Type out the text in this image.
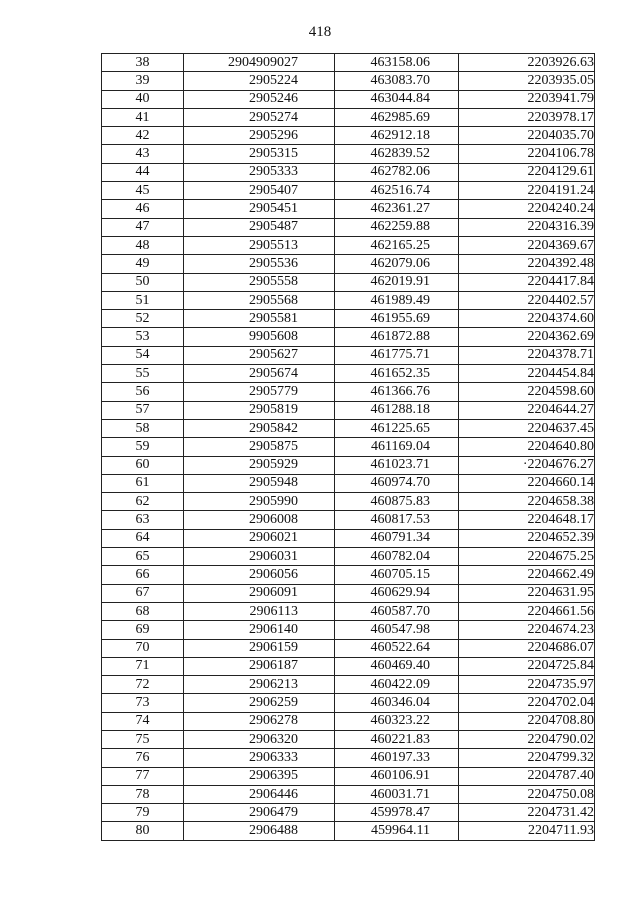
418
38	2904909027	463158.06	2203926.63
39	2905224	463083.70	2203935.05
40	2905246	463044.84	2203941.79
41	2905274	462985.69	2203978.17
42	2905296	462912.18	2204035.70
43	2905315	462839.52	2204106.78
44	2905333	462782.06	2204129.61
45	2905407	462516.74	2204191.24
46	2905451	462361.27	2204240.24
47	2905487	462259.88	2204316.39
48	2905513	462165.25	2204369.67
49	2905536	462079.06	2204392.48
50	2905558	462019.91	2204417.84
51	2905568	461989.49	2204402.57
52	2905581	461955.69	2204374.60
53	9905608	461872.88	2204362.69
54	2905627	461775.71	2204378.71
55	2905674	461652.35	2204454.84
56	2905779	461366.76	2204598.60
57	2905819	461288.18	2204644.27
58	2905842	461225.65	2204637.45
59	2905875	461169.04	2204640.80
60	2905929	461023.71	·2204676.27
61	2905948	460974.70	2204660.14
62	2905990	460875.83	2204658.38
63	2906008	460817.53	2204648.17
64	2906021	460791.34	2204652.39
65	2906031	460782.04	2204675.25
66	2906056	460705.15	2204662.49
67	2906091	460629.94	2204631.95
68	2906113	460587.70	2204661.56
69	2906140	460547.98	2204674.23
70	2906159	460522.64	2204686.07
71	2906187	460469.40	2204725.84
72	2906213	460422.09	2204735.97
73	2906259	460346.04	2204702.04
74	2906278	460323.22	2204708.80
75	2906320	460221.83	2204790.02
76	2906333	460197.33	2204799.32
77	2906395	460106.91	2204787.40
78	2906446	460031.71	2204750.08
79	2906479	459978.47	2204731.42
80	2906488	459964.11	2204711.93
